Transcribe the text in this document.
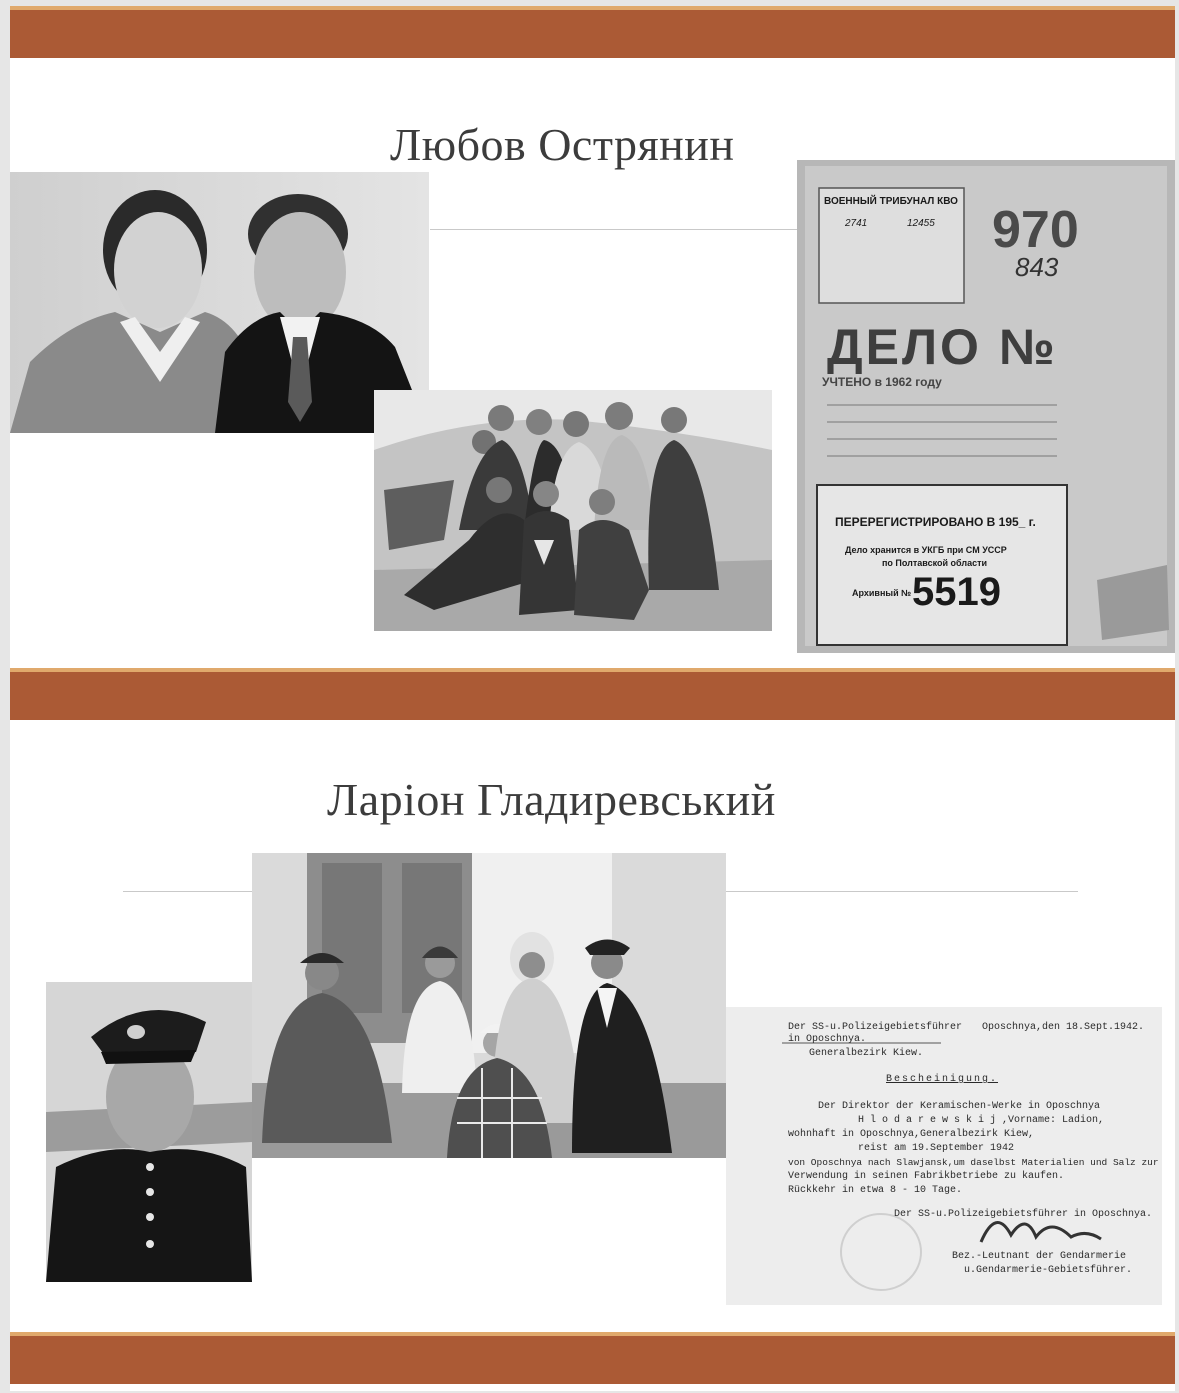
Любов Острянин
ВОЕННЫЙ ТРИБУНАЛ КВО
2741	12455 970
843
ДЕЛО №
УЧТЕНО в 1962 году
ПЕРЕРЕГИСТРИРОВАНО В 195_ г.
Дело хранится в УКГБ при СМ УССР
по Полтавской области
Архивный № 5519
Ларіон Гладиревський
Der SS-u.Polizeigebietsführer
in Oposchnya.
Generalbezirk Kiew.
Oposchnya,den 18.Sept.1942.
Bescheinigung.
Der Direktor der Keramischen-Werke in Oposchnya
H l o d a r e w s k i j ,Vorname: Ladion,
wohnhaft in Oposchnya,Generalbezirk Kiew,
reist am 19.September 1942
von Oposchnya nach Slawjansk,um daselbst Materialien und Salz zur
Verwendung in seinen Fabrikbetriebe zu kaufen.
Rückkehr in etwa 8 - 10 Tage.
Der SS-u.Polizeigebietsführer in Oposchnya.
Bez.-Leutnant der Gendarmerie
u.Gendarmerie-Gebietsführer.
